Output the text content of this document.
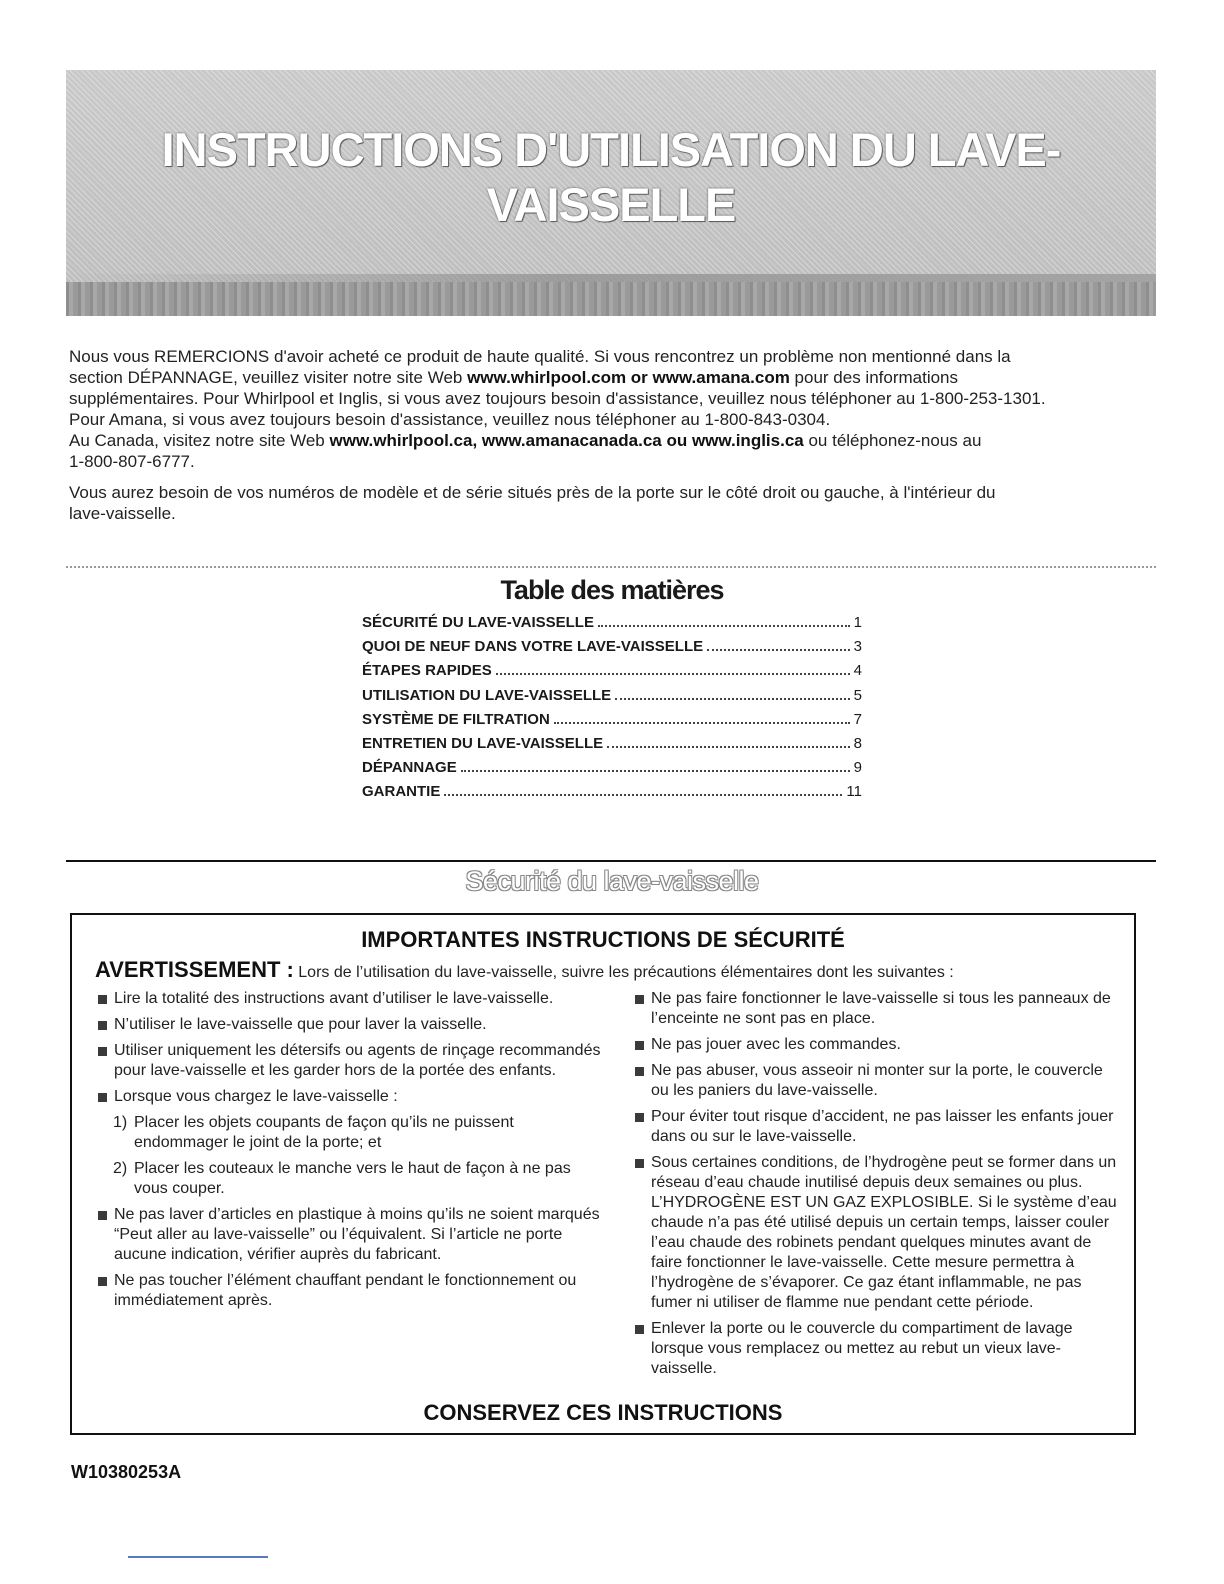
INSTRUCTIONS D'UTILISATION DU LAVE-VAISSELLE

Nous vous REMERCIONS d'avoir acheté ce produit de haute qualité. Si vous rencontrez un problème non mentionné dans la
section DÉPANNAGE, veuillez visiter notre site Web www.whirlpool.com or www.amana.com pour des informations
supplémentaires. Pour Whirlpool et Inglis, si vous avez toujours besoin d'assistance, veuillez nous téléphoner au 1-800-253-1301.
Pour Amana, si vous avez toujours besoin d'assistance, veuillez nous téléphoner au 1-800-843-0304.
Au Canada, visitez notre site Web www.whirlpool.ca, www.amanacanada.ca ou www.inglis.ca ou téléphonez-nous au
1-800-807-6777.

Vous aurez besoin de vos numéros de modèle et de série situés près de la porte sur le côté droit ou gauche, à l'intérieur du
lave-vaisselle.

Table des matières
SÉCURITÉ DU LAVE-VAISSELLE	1
QUOI DE NEUF DANS VOTRE LAVE-VAISSELLE	3
ÉTAPES RAPIDES	4
UTILISATION DU LAVE-VAISSELLE	5
SYSTÈME DE FILTRATION	7
ENTRETIEN DU LAVE-VAISSELLE	8
DÉPANNAGE	9
GARANTIE	11
Sécurité du lave-vaisselle
IMPORTANTES INSTRUCTIONS DE SÉCURITÉ
AVERTISSEMENT : Lors de l’utilisation du lave-vaisselle, suivre les précautions élémentaires dont les suivantes :
Lire la totalité des instructions avant d’utiliser le lave-vaisselle.
N’utiliser le lave-vaisselle que pour laver la vaisselle.
Utiliser uniquement les détersifs ou agents de rinçage recommandés pour lave-vaisselle et les garder hors de la portée des enfants.
Lorsque vous chargez le lave-vaisselle :
1) Placer les objets coupants de façon qu’ils ne puissent endommager le joint de la porte; et
2) Placer les couteaux le manche vers le haut de façon à ne pas vous couper.
Ne pas laver d’articles en plastique à moins qu’ils ne soient marqués “Peut aller au lave-vaisselle” ou l’équivalent. Si l’article ne porte aucune indication, vérifier auprès du fabricant.
Ne pas toucher l’élément chauffant pendant le fonctionnement ou immédiatement après.
Ne pas faire fonctionner le lave-vaisselle si tous les panneaux de l’enceinte ne sont pas en place.
Ne pas jouer avec les commandes.
Ne pas abuser, vous asseoir ni monter sur la porte, le couvercle ou les paniers du lave-vaisselle.
Pour éviter tout risque d’accident, ne pas laisser les enfants jouer dans ou sur le lave-vaisselle.
Sous certaines conditions, de l’hydrogène peut se former dans un réseau d’eau chaude inutilisé depuis deux semaines ou plus. L’HYDROGÈNE EST UN GAZ EXPLOSIBLE. Si le système d’eau chaude n’a pas été utilisé depuis un certain temps, laisser couler l’eau chaude des robinets pendant quelques minutes avant de faire fonctionner le lave-vaisselle. Cette mesure permettra à l’hydrogène de s’évaporer. Ce gaz étant inflammable, ne pas fumer ni utiliser de flamme nue pendant cette période.
Enlever la porte ou le couvercle du compartiment de lavage lorsque vous remplacez ou mettez au rebut un vieux lave-vaisselle.
CONSERVEZ CES INSTRUCTIONS
W10380253A
